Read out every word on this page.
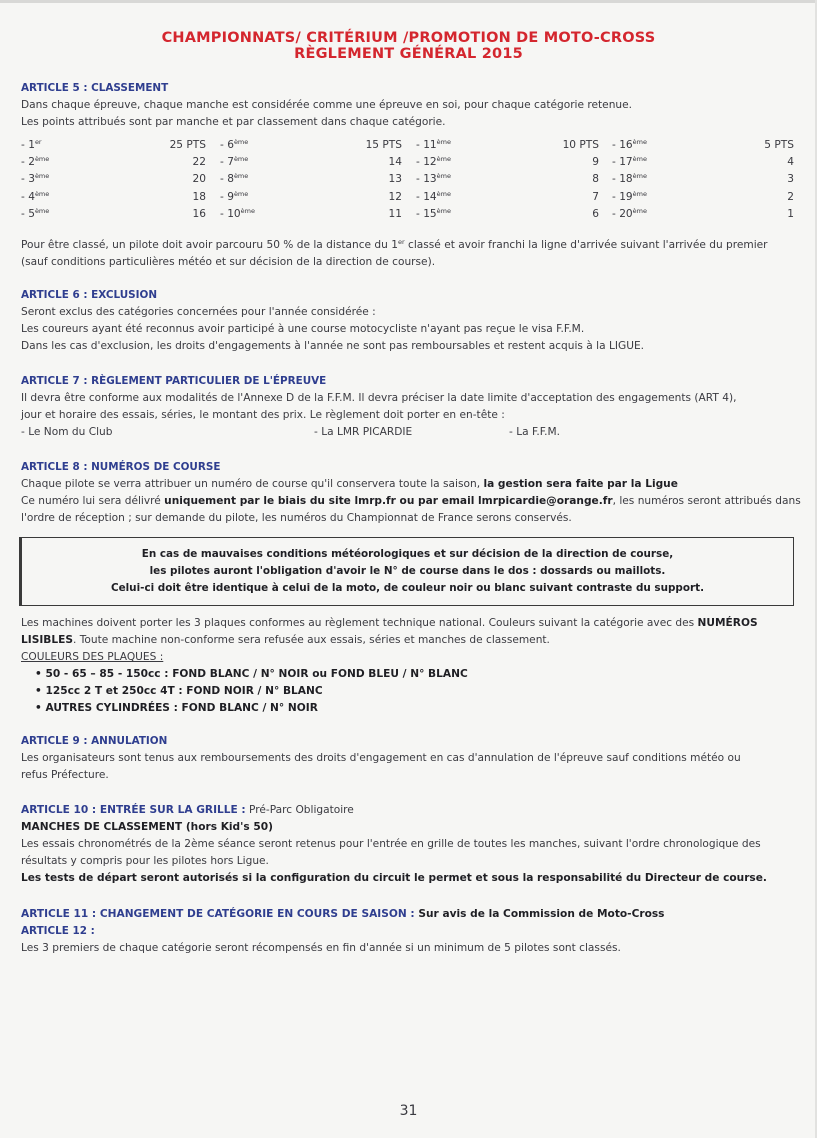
CHAMPIONNATS/ CRITÉRIUM /PROMOTION DE MOTO-CROSS
RÈGLEMENT GÉNÉRAL 2015
ARTICLE 5 : CLASSEMENT
Dans chaque épreuve, chaque manche est considérée comme une épreuve en soi, pour chaque catégorie retenue.
Les points attribués sont par manche et par classement dans chaque catégorie.
- 1er	25 PTS
- 2ème	22
- 3ème	20
- 4ème	18
- 5ème	16
- 6ème	15 PTS
- 7ème	14
- 8ème	13
- 9ème	12
- 10ème	11
- 11ème	10 PTS
- 12ème	9
- 13ème	8
- 14ème	7
- 15ème	6
- 16ème	5 PTS
- 17ème	4
- 18ème	3
- 19ème	2
- 20ème	1
Pour être classé, un pilote doit avoir parcouru 50 % de la distance du 1er classé et avoir franchi la ligne d'arrivée suivant l'arrivée du premier
(sauf conditions particulières météo et sur décision de la direction de course).
ARTICLE 6 : EXCLUSION
Seront exclus des catégories concernées pour l'année considérée :
Les coureurs ayant été reconnus avoir participé à une course motocycliste n'ayant pas reçue le visa F.F.M.
Dans les cas d'exclusion, les droits d'engagements à l'année ne sont pas remboursables et restent acquis à la LIGUE.
ARTICLE 7 : RÈGLEMENT PARTICULIER DE L'ÉPREUVE
Il devra être conforme aux modalités de l'Annexe D de la F.F.M. Il devra préciser la date limite d'acceptation des engagements (ART 4),
jour et horaire des essais, séries, le montant des prix. Le règlement doit porter en en-tête :
- Le Nom du Club	- La LMR PICARDIE	- La F.F.M.
ARTICLE 8 : NUMÉROS DE COURSE
Chaque pilote se verra attribuer un numéro de course qu'il conservera toute la saison, la gestion sera faite par la Ligue
Ce numéro lui sera délivré uniquement par le biais du site lmrp.fr ou par email lmrpicardie@orange.fr, les numéros seront attribués dans
l'ordre de réception ; sur demande du pilote, les numéros du Championnat de France serons conservés.
En cas de mauvaises conditions météorologiques et sur décision de la direction de course,
les pilotes auront l'obligation d'avoir le N° de course dans le dos : dossards ou maillots.
Celui-ci doit être identique à celui de la moto, de couleur noir ou blanc suivant contraste du support.
Les machines doivent porter les 3 plaques conformes au règlement technique national. Couleurs suivant la catégorie avec des NUMÉROS
LISIBLES. Toute machine non-conforme sera refusée aux essais, séries et manches de classement.
COULEURS DES PLAQUES :
• 50 - 65 – 85 - 150cc : FOND BLANC / N° NOIR ou FOND BLEU / N° BLANC
• 125cc 2 T et 250cc 4T : FOND NOIR / N° BLANC
• AUTRES CYLINDRÉES : FOND BLANC / N° NOIR
ARTICLE 9 : ANNULATION
Les organisateurs sont tenus aux remboursements des droits d'engagement en cas d'annulation de l'épreuve sauf conditions météo ou
refus Préfecture.
ARTICLE 10 : ENTRÉE SUR LA GRILLE : Pré-Parc Obligatoire
MANCHES DE CLASSEMENT (hors Kid's 50)
Les essais chronométrés de la 2ème séance seront retenus pour l'entrée en grille de toutes les manches, suivant l'ordre chronologique des
résultats y compris pour les pilotes hors Ligue.
Les tests de départ seront autorisés si la configuration du circuit le permet et sous la responsabilité du Directeur de course.
ARTICLE 11 : CHANGEMENT DE CATÉGORIE EN COURS DE SAISON : Sur avis de la Commission de Moto-Cross
ARTICLE 12 :
Les 3 premiers de chaque catégorie seront récompensés en fin d'année si un minimum de 5 pilotes sont classés.
31
